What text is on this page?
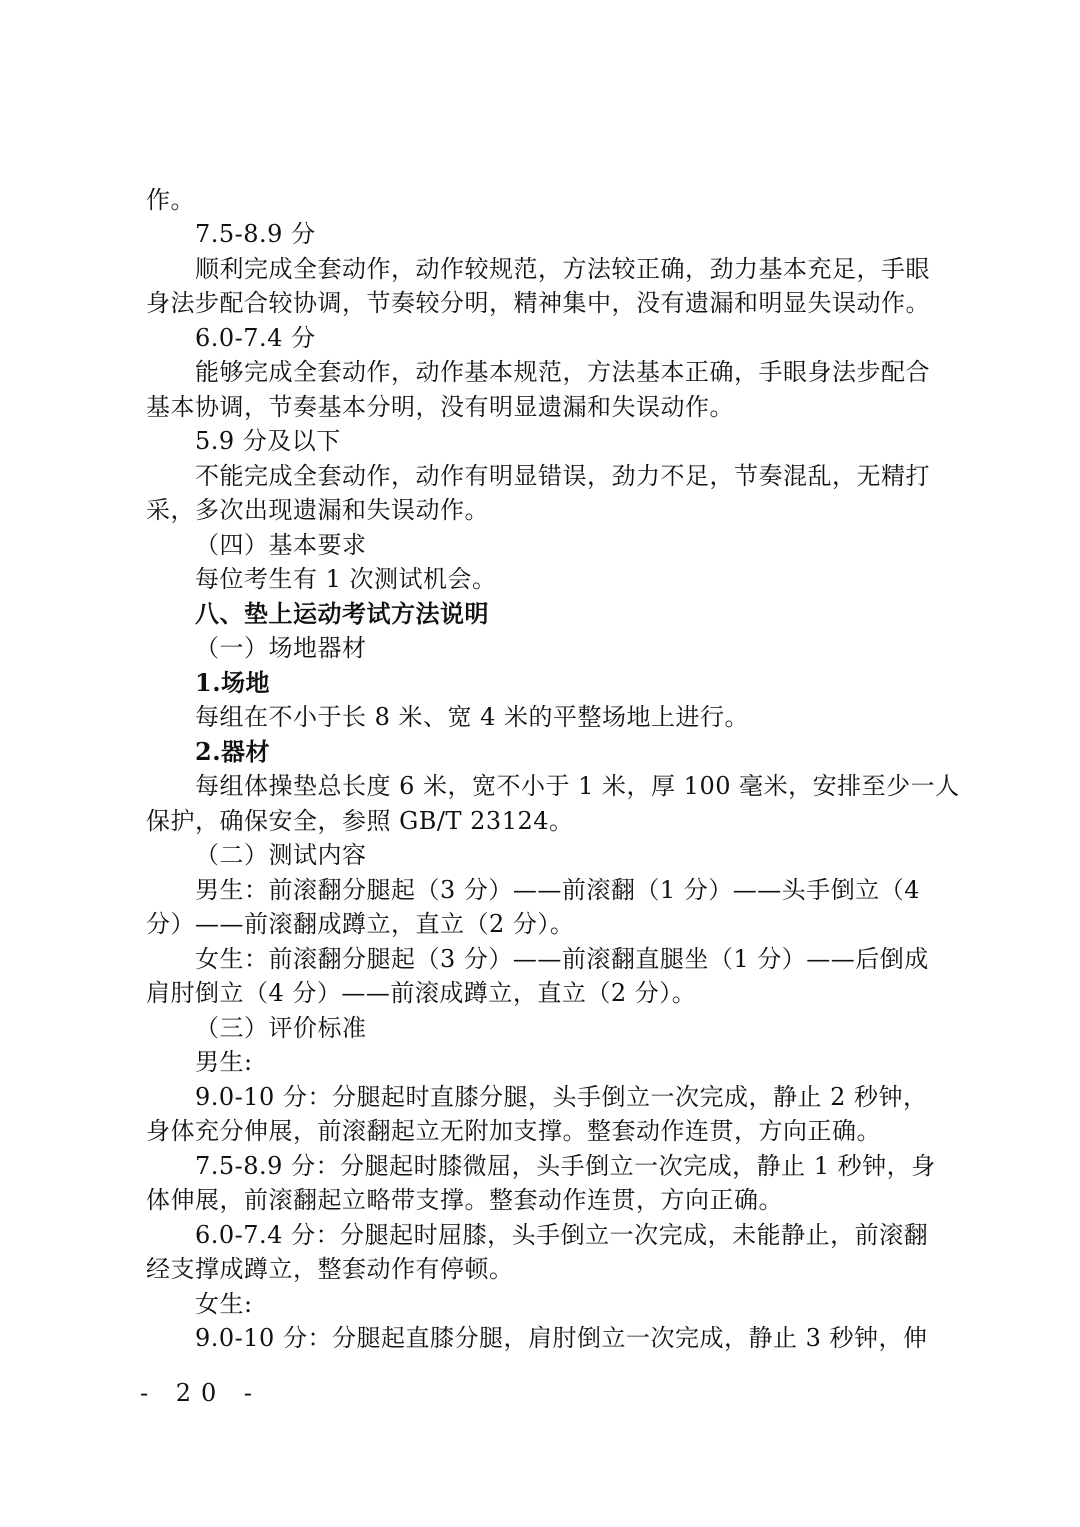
作。
7.5-8.9 分
顺利完成全套动作，动作较规范，方法较正确，劲力基本充足，手眼
身法步配合较协调，节奏较分明，精神集中，没有遗漏和明显失误动作。
6.0-7.4 分
能够完成全套动作，动作基本规范，方法基本正确，手眼身法步配合
基本协调，节奏基本分明，没有明显遗漏和失误动作。
5.9 分及以下
不能完成全套动作，动作有明显错误，劲力不足，节奏混乱，无精打
采，多次出现遗漏和失误动作。
（四）基本要求
每位考生有 1 次测试机会。
八、垫上运动考试方法说明
（一）场地器材
1.场地
每组在不小于长 8 米、宽 4 米的平整场地上进行。
2.器材
每组体操垫总长度 6 米，宽不小于 1 米，厚 100 毫米，安排至少一人
保护，确保安全，参照 GB/T 23124。
（二）测试内容
男生：前滚翻分腿起（3 分）——前滚翻（1 分）——头手倒立（4
分）——前滚翻成蹲立，直立（2 分）。
女生：前滚翻分腿起（3 分）——前滚翻直腿坐（1 分）——后倒成
肩肘倒立（4 分）——前滚成蹲立，直立（2 分）。
（三）评价标准
男生:
9.0-10 分：分腿起时直膝分腿，头手倒立一次完成，静止 2 秒钟，
身体充分伸展，前滚翻起立无附加支撑。整套动作连贯，方向正确。
7.5-8.9 分：分腿起时膝微屈，头手倒立一次完成，静止 1 秒钟，身
体伸展，前滚翻起立略带支撑。整套动作连贯，方向正确。
6.0-7.4 分：分腿起时屈膝，头手倒立一次完成，未能静止，前滚翻
经支撑成蹲立，整套动作有停顿。
女生:
9.0-10 分：分腿起直膝分腿，肩肘倒立一次完成，静止 3 秒钟，伸
- 20 -
